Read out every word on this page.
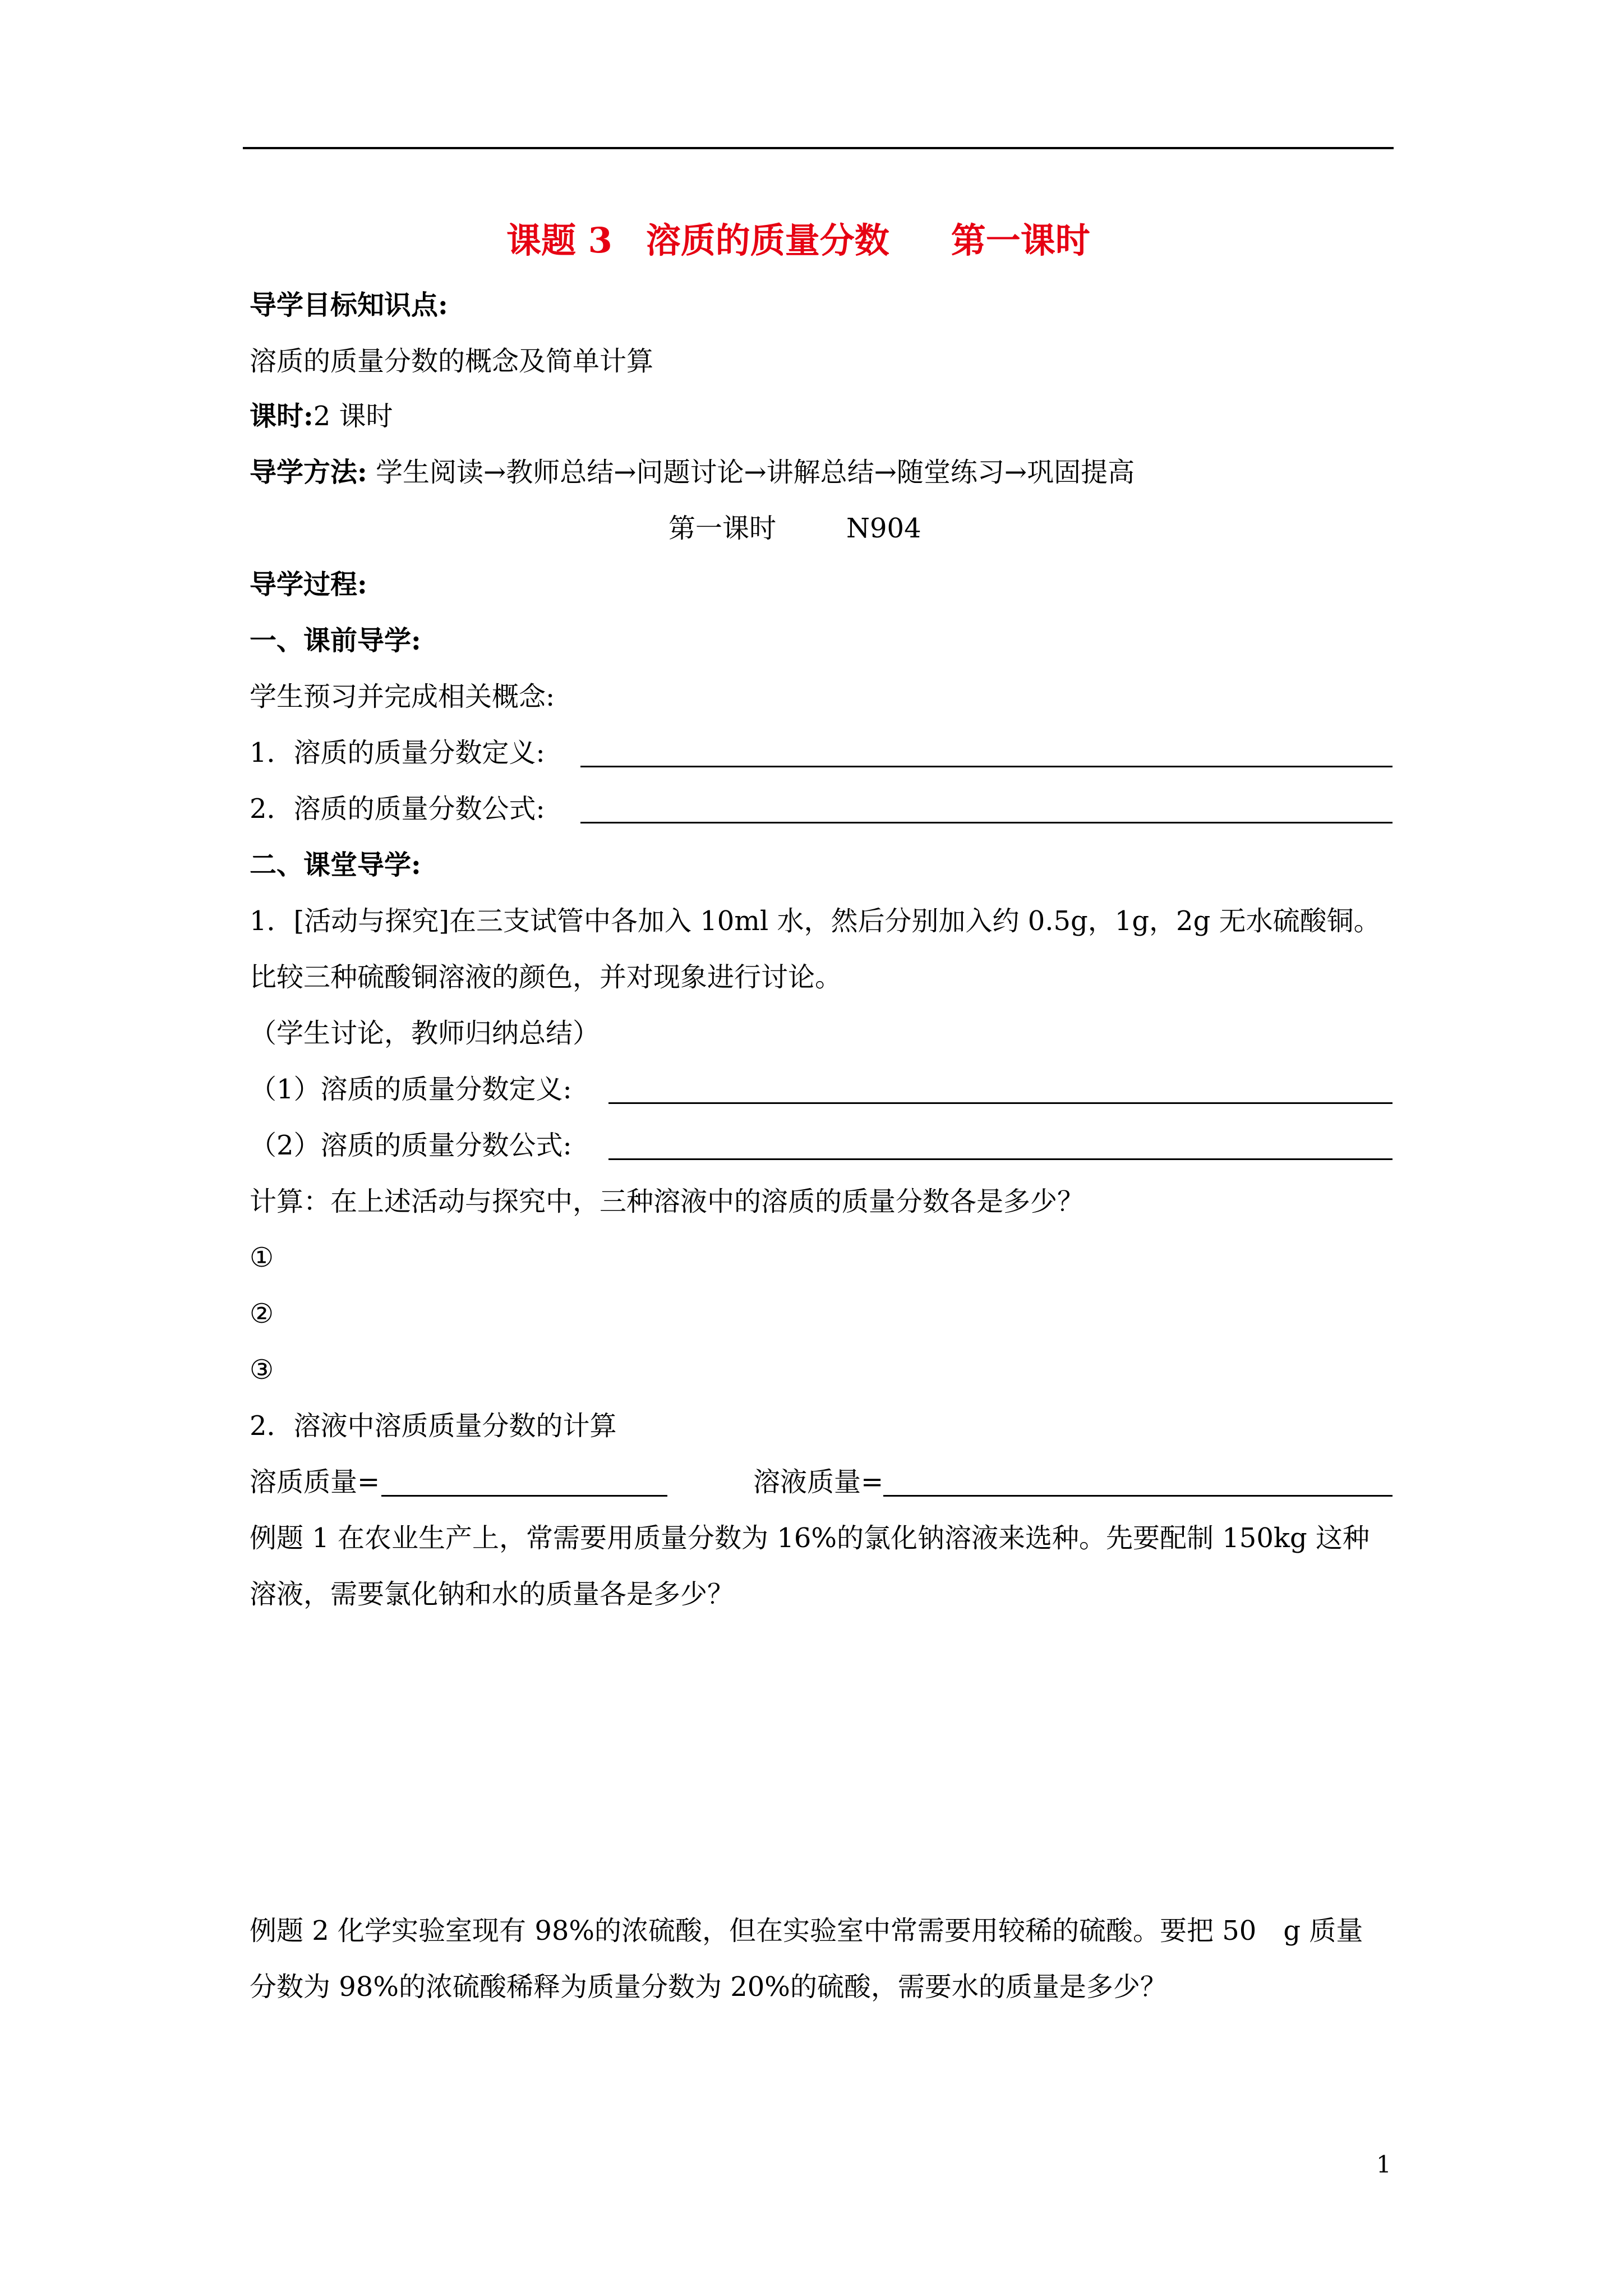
课题 3 溶质的质量分数 第一课时
导学目标知识点:
溶质的质量分数的概念及简单计算
课时:2 课时
导学方法: 学生阅读→教师总结→问题讨论→讲解总结→随堂练习→巩固提高
第一课时	N904
导学过程:
一、课前导学:
学生预习并完成相关概念:
1．溶质的质量分数定义:
2．溶质的质量分数公式:
二、课堂导学:
1．[活动与探究]在三支试管中各加入 10ml 水，然后分别加入约 0.5g，1g，2g 无水硫酸铜。
比较三种硫酸铜溶液的颜色，并对现象进行讨论。
（学生讨论，教师归纳总结）
（1）溶质的质量分数定义:
（2）溶质的质量分数公式:
计算：在上述活动与探究中，三种溶液中的溶质的质量分数各是多少？
①
②
③
2．溶液中溶质质量分数的计算
溶质质量=	溶液质量=
例题 1 在农业生产上，常需要用质量分数为 16%的氯化钠溶液来选种。先要配制 150kg 这种
溶液，需要氯化钠和水的质量各是多少？
例题 2 化学实验室现有 98%的浓硫酸，但在实验室中常需要用较稀的硫酸。要把 50　g 质量
分数为 98%的浓硫酸稀释为质量分数为 20%的硫酸，需要水的质量是多少？
1
